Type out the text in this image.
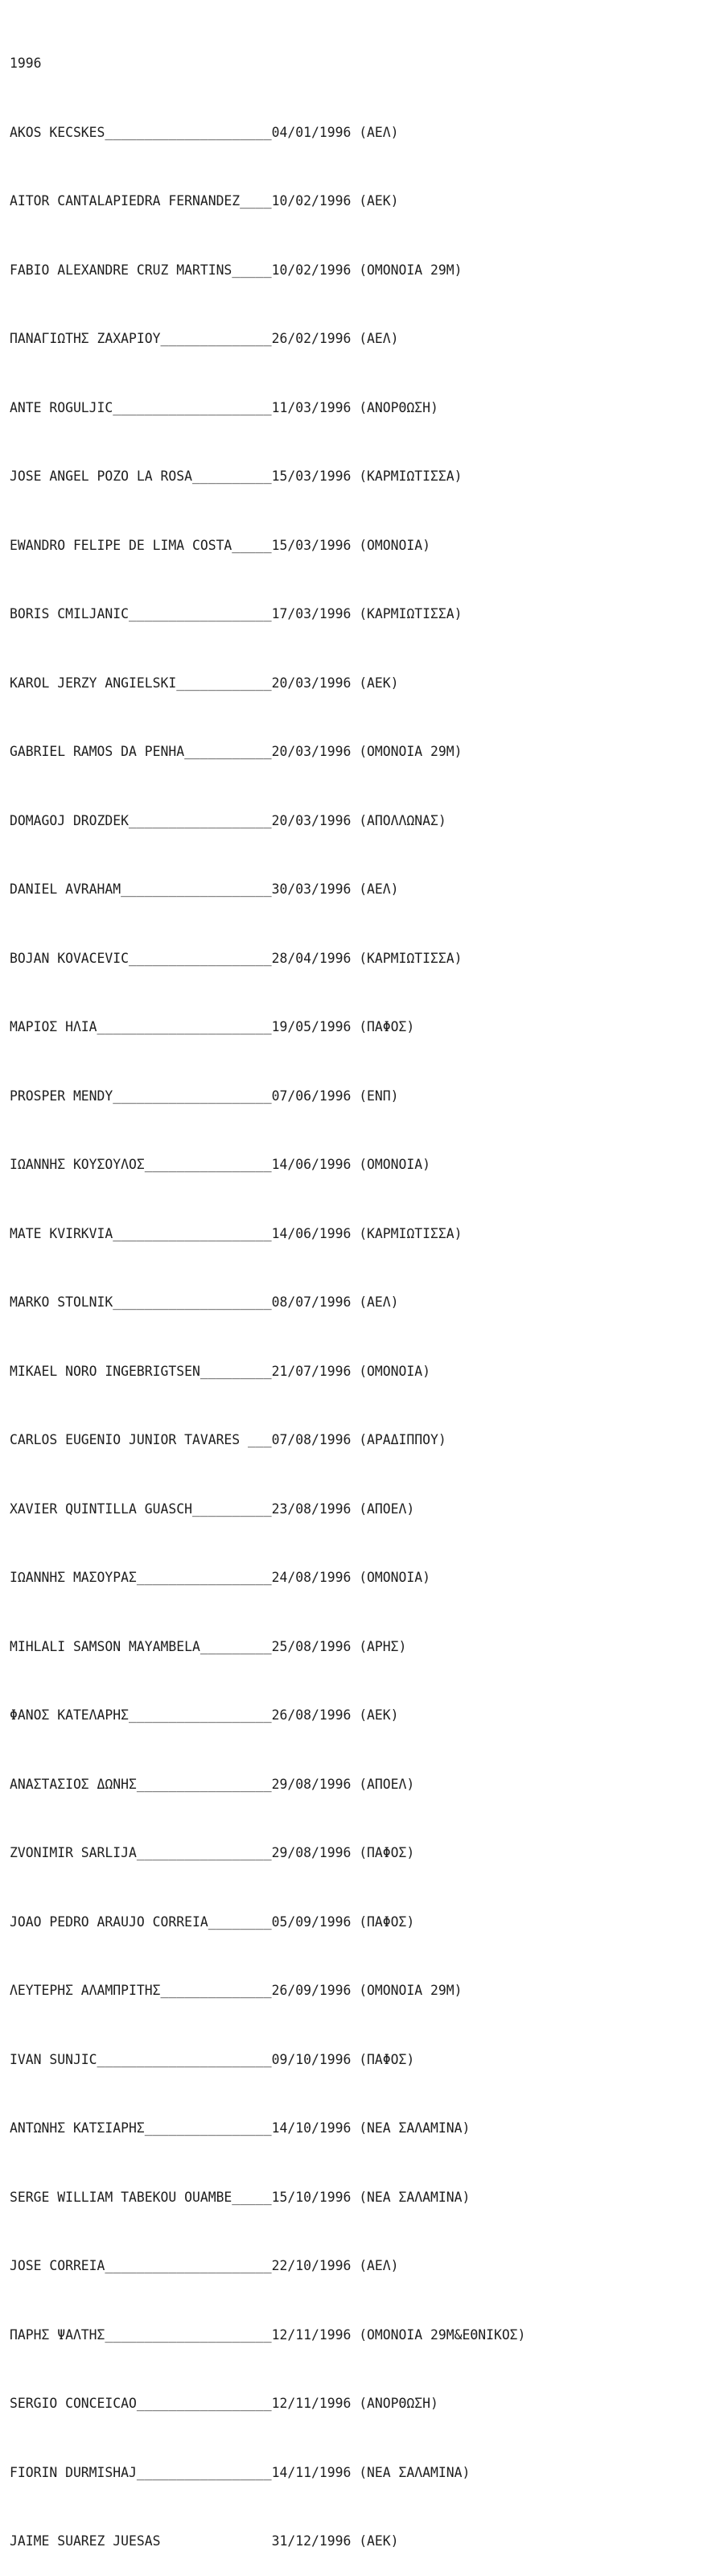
1996

AKOS KECSKES_____________________04/01/1996 (ΑΕΛ)

AITOR CANTALAPIEDRA FERNANDEZ____10/02/1996 (ΑΕΚ)

FABIO ALEXANDRE CRUZ MARTINS_____10/02/1996 (ΟΜΟΝΟΙΑ 29Μ)

ΠΑΝΑΓΙΩΤΗΣ ΖΑΧΑΡΙΟΥ______________26/02/1996 (ΑΕΛ)

ANTE ROGULJIC____________________11/03/1996 (ΑΝΟΡΘΩΣΗ)

JOSE ANGEL POZO LA ROSA__________15/03/1996 (ΚΑΡΜΙΩΤΙΣΣΑ)

EWANDRO FELIPE DE LIMA COSTA_____15/03/1996 (ΟΜΟΝΟΙΑ)

BORIS CMILJANIC__________________17/03/1996 (ΚΑΡΜΙΩΤΙΣΣΑ)

KAROL JERZY ANGIELSKI____________20/03/1996 (ΑΕΚ)

GABRIEL RAMOS DA PENHA___________20/03/1996 (ΟΜΟΝΟΙΑ 29Μ)

DOMAGOJ DROZDEK__________________20/03/1996 (ΑΠΟΛΛΩΝΑΣ)

DANIEL AVRAHAM___________________30/03/1996 (ΑΕΛ)

BOJAN KOVACEVIC__________________28/04/1996 (ΚΑΡΜΙΩΤΙΣΣΑ)

ΜΑΡΙΟΣ ΗΛΙΑ______________________19/05/1996 (ΠΑΦΟΣ)

PROSPER MENDY____________________07/06/1996 (ΕΝΠ)

ΙΩΑΝΝΗΣ ΚΟΥΣΟΥΛΟΣ________________14/06/1996 (ΟΜΟΝΟΙΑ)

MATE KVIRKVIA____________________14/06/1996 (ΚΑΡΜΙΩΤΙΣΣΑ)

MARKO STOLNIK____________________08/07/1996 (ΑΕΛ)

MIKAEL NORO INGEBRIGTSEN_________21/07/1996 (ΟΜΟΝΟΙΑ)

CARLOS EUGENIO JUNIOR TAVARES ___07/08/1996 (ΑΡΑΔΙΠΠΟΥ)

XAVIER QUINTILLA GUASCH__________23/08/1996 (ΑΠΟΕΛ)

ΙΩΑΝΝΗΣ ΜΑΣΟΥΡΑΣ_________________24/08/1996 (ΟΜΟΝΟΙΑ)

MIHLALI SAMSON MAYAMBELA_________25/08/1996 (ΑΡΗΣ)

ΦΑΝΟΣ ΚΑΤΕΛΑΡΗΣ__________________26/08/1996 (ΑΕΚ)

ΑΝΑΣΤΑΣΙΟΣ ΔΩΝΗΣ_________________29/08/1996 (ΑΠΟΕΛ)

ZVONIMIR SARLIJA_________________29/08/1996 (ΠΑΦΟΣ)

JOAO PEDRO ARAUJO CORREIA________05/09/1996 (ΠΑΦΟΣ)

ΛΕΥΤΕΡΗΣ ΑΛΑΜΠΡΙΤΗΣ______________26/09/1996 (ΟΜΟΝΟΙΑ 29Μ)

IVAN SUNJIC______________________09/10/1996 (ΠΑΦΟΣ)

ΑΝΤΩΝΗΣ ΚΑΤΣΙΑΡΗΣ________________14/10/1996 (ΝΕΑ ΣΑΛΑΜΙΝΑ)

SERGE WILLIAM TABEKOU OUAMBE_____15/10/1996 (ΝΕΑ ΣΑΛΑΜΙΝΑ)

JOSE CORREIA_____________________22/10/1996 (ΑΕΛ)

ΠΑΡΗΣ ΨΑΛΤΗΣ_____________________12/11/1996 (ΟΜΟΝΟΙΑ 29Μ&ΕΘΝΙΚΟΣ)

SERGIO CONCEICAO_________________12/11/1996 (ΑΝΟΡΘΩΣΗ)

FIORIN DURMISHAJ_________________14/11/1996 (ΝΕΑ ΣΑΛΑΜΙΝΑ)

JAIME SUAREZ JUESAS              31/12/1996 (ΑΕΚ)
